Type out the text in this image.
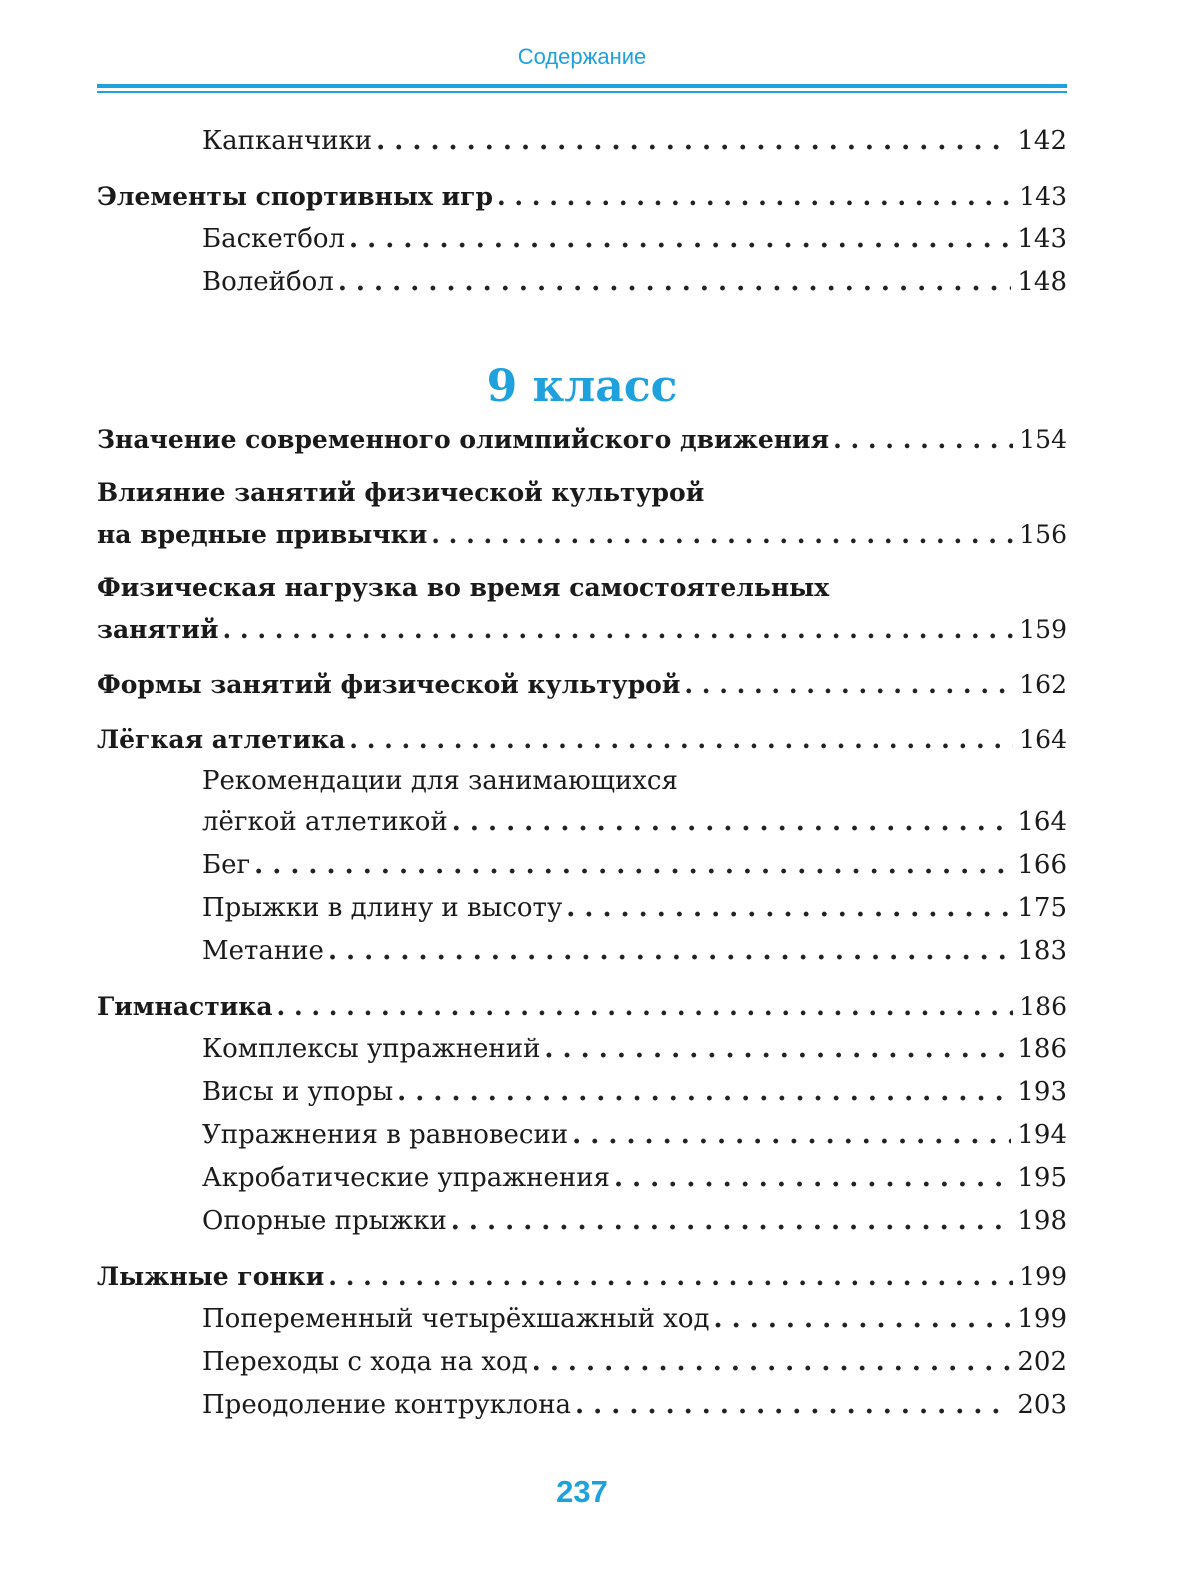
Содержание
Капканчики . . .	142
Элементы спортивных игр . . .	143
Баскетбол . . .	143
Волейбол . . .	148
9 класс
Значение современного олимпийского движения . . .	154
Влияние занятий физической культурой
на вредные привычки . . .	156
Физическая нагрузка во время самостоятельных
занятий . . .	159
Формы занятий физической культурой . . .	162
Лёгкая атлетика . . .	164
Рекомендации для занимающихся
лёгкой атлетикой . . .	164
Бег . . .	166
Прыжки в длину и высоту . . .	175
Метание . . .	183
Гимнастика . . .	186
Комплексы упражнений . . .	186
Висы и упоры . . .	193
Упражнения в равновесии . . .	194
Акробатические упражнения . . .	195
Опорные прыжки . . .	198
Лыжные гонки . . .	199
Попеременный четырёхшажный ход . . .	199
Переходы с хода на ход . . .	202
Преодоление контруклона . . .	203
237
